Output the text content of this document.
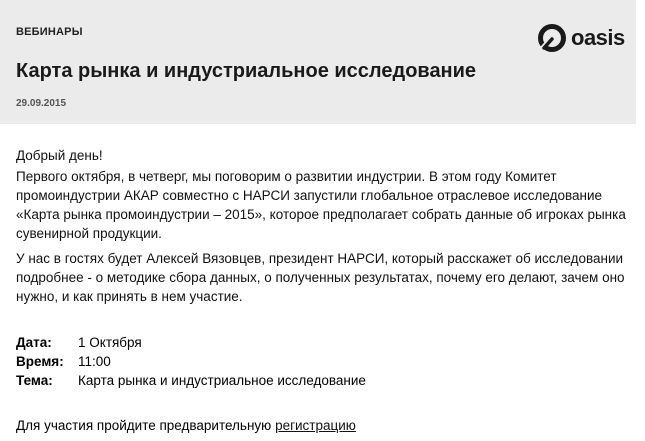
ВЕБИНАРЫ
Карта рынка и индустриальное исследование
29.09.2015
oasis

Добрый день!

Первого октября, в четверг, мы поговорим о развитии индустрии. В этом году Комитет промоиндустрии АКАР совместно с НАРСИ запустили глобальное отраслевое исследование «Карта рынка промоиндустрии – 2015», которое предполагает собрать данные об игроках рынка сувенирной продукции.

У нас в гостях будет Алексей Вязовцев, президент НАРСИ, который расскажет об исследовании подробнее - о методике сбора данных, о полученных результатах, почему его делают, зачем оно нужно, и как принять в нем участие.

Дата:	1 Октября
Время:	11:00
Тема:	Карта рынка и индустриальное исследование
Для участия пройдите предварительную регистрацию
